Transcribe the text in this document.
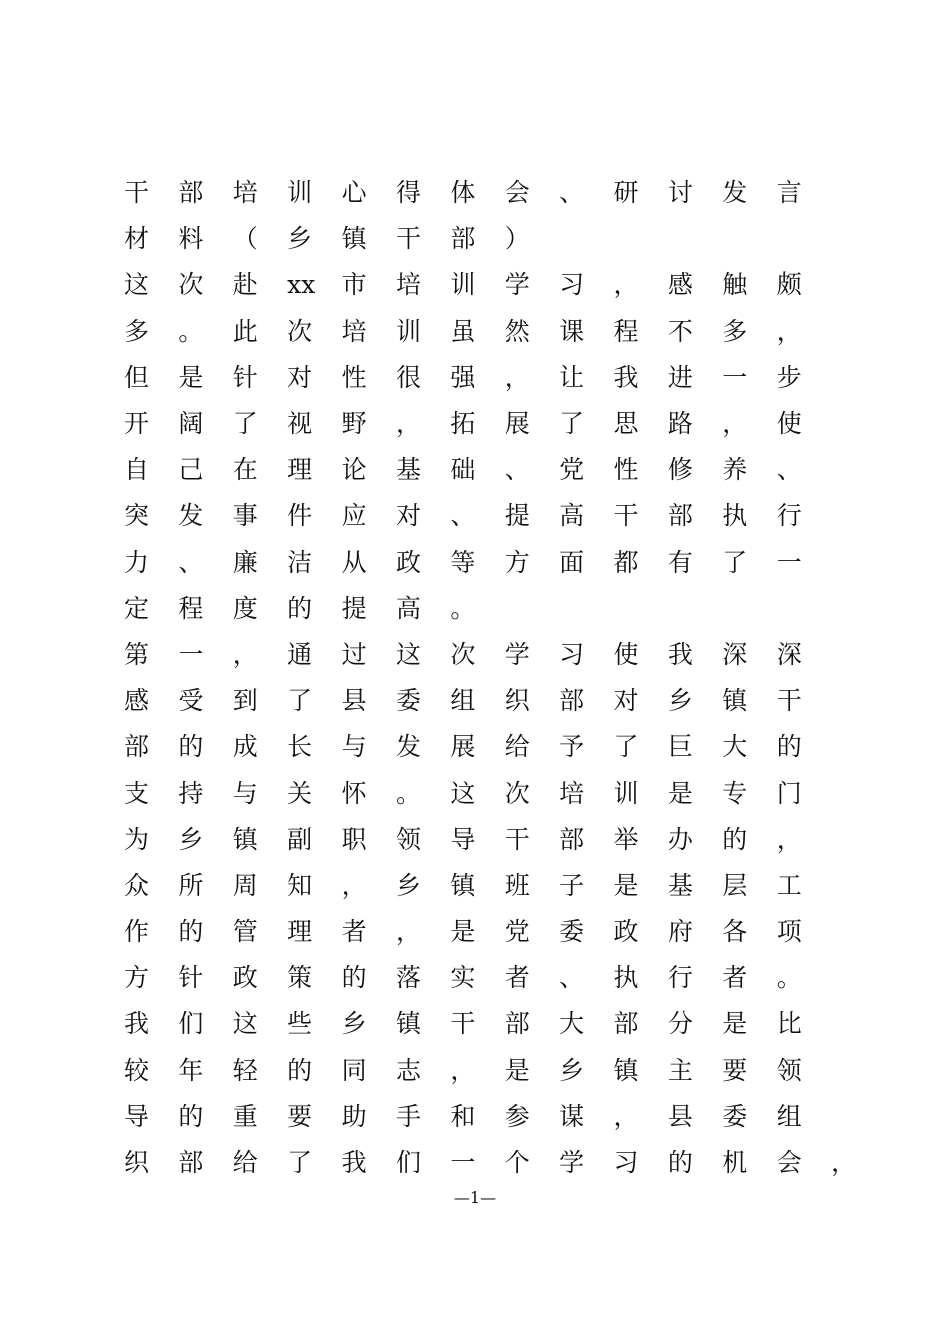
干 部 培 训 心 得 体 会 、 研 讨 发 言
材 料 （ 乡 镇 干 部 ）
这 次 赴 xx 市 培 训 学 习 ， 感 触 颇
多 。 此 次 培 训 虽 然 课 程 不 多 ，
但 是 针 对 性 很 强 ， 让 我 进 一 步
开 阔 了 视 野 ， 拓 展 了 思 路 ， 使
自 己 在 理 论 基 础 、 党 性 修 养 、
突 发 事 件 应 对 、 提 高 干 部 执 行
力 、 廉 洁 从 政 等 方 面 都 有 了 一
定 程 度 的 提 高 。
第 一 ， 通 过 这 次 学 习 使 我 深 深
感 受 到 了 县 委 组 织 部 对 乡 镇 干
部 的 成 长 与 发 展 给 予 了 巨 大 的
支 持 与 关 怀 。 这 次 培 训 是 专 门
为 乡 镇 副 职 领 导 干 部 举 办 的 ，
众 所 周 知 ， 乡 镇 班 子 是 基 层 工
作 的 管 理 者 ， 是 党 委 政 府 各 项
方 针 政 策 的 落 实 者 、 执 行 者 。
我 们 这 些 乡 镇 干 部 大 部 分 是 比
较 年 轻 的 同 志 ， 是 乡 镇 主 要 领
导 的 重 要 助 手 和 参 谋 ， 县 委 组
织 部 给 了 我 们 一 个 学 习 的 机 会 ，
—1—
